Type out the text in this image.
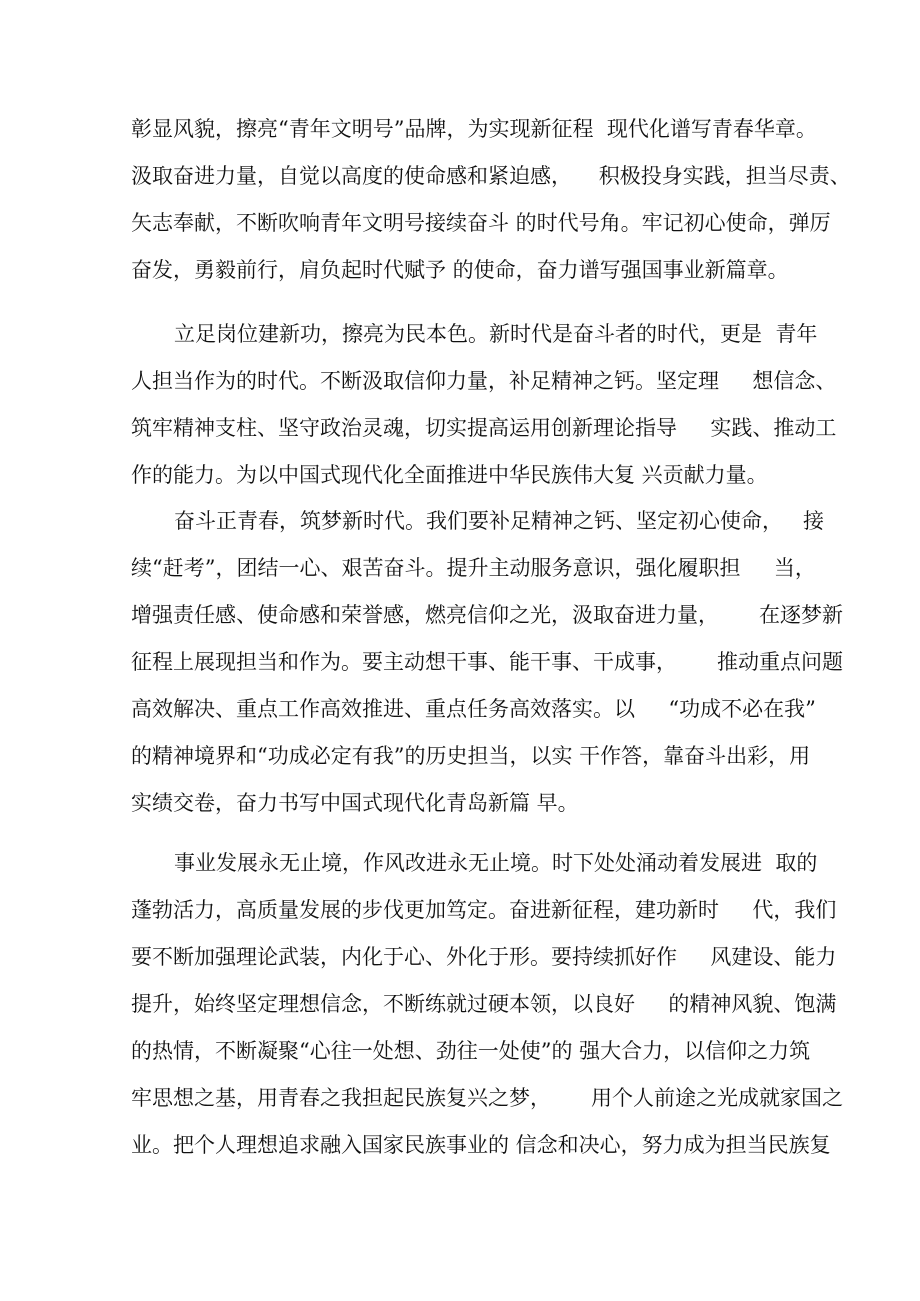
彰显风貌，擦亮“青年文明号”品牌，为实现新征程  现代化谱写青春华章。
汲取奋进力量，自觉以高度的使命感和紧迫感，    积极投身实践，担当尽责、
矢志奉献，不断吹响青年文明号接续奋斗 的时代号角。牢记初心使命，弹厉
奋发，勇毅前行，肩负起时代赋予 的使命，奋力谱写强国事业新篇章。
立足岗位建新功，擦亮为民本色。新时代是奋斗者的时代，更是  青年
人担当作为的时代。不断汲取信仰力量，补足精神之钙。坚定理     想信念、
筑牢精神支柱、坚守政治灵魂，切实提高运用创新理论指导     实践、推动工
作的能力。为以中国式现代化全面推进中华民族伟大复 兴贡献力量。
奋斗正青春，筑梦新时代。我们要补足精神之钙、坚定初心使命，   接
续“赶考”，团结一心、艰苦奋斗。提升主动服务意识，强化履职担     当，
增强责任感、使命感和荣誉感，燃亮信仰之光，汲取奋进力量，      在逐梦新
征程上展现担当和作为。要主动想干事、能干事、干成事，      推动重点问题
高效解决、重点工作高效推进、重点任务高效落实。以     “功成不必在我”
的精神境界和“功成必定有我”的历史担当，以实 干作答，靠奋斗出彩，用
实绩交卷，奋力书写中国式现代化青岛新篇 早。
事业发展永无止境，作风改进永无止境。时下处处涌动着发展进  取的
蓬勃活力，高质量发展的步伐更加笃定。奋进新征程，建功新时     代，我们
要不断加强理论武装，内化于心、外化于形。要持续抓好作     风建设、能力
提升，始终坚定理想信念，不断练就过硬本领，以良好     的精神风貌、饱满
的热情，不断凝聚“心往一处想、劲往一处使”的 强大合力，以信仰之力筑
牢思想之基，用青春之我担起民族复兴之梦，      用个人前途之光成就家国之
业。把个人理想追求融入国家民族事业的 信念和决心，努力成为担当民族复
